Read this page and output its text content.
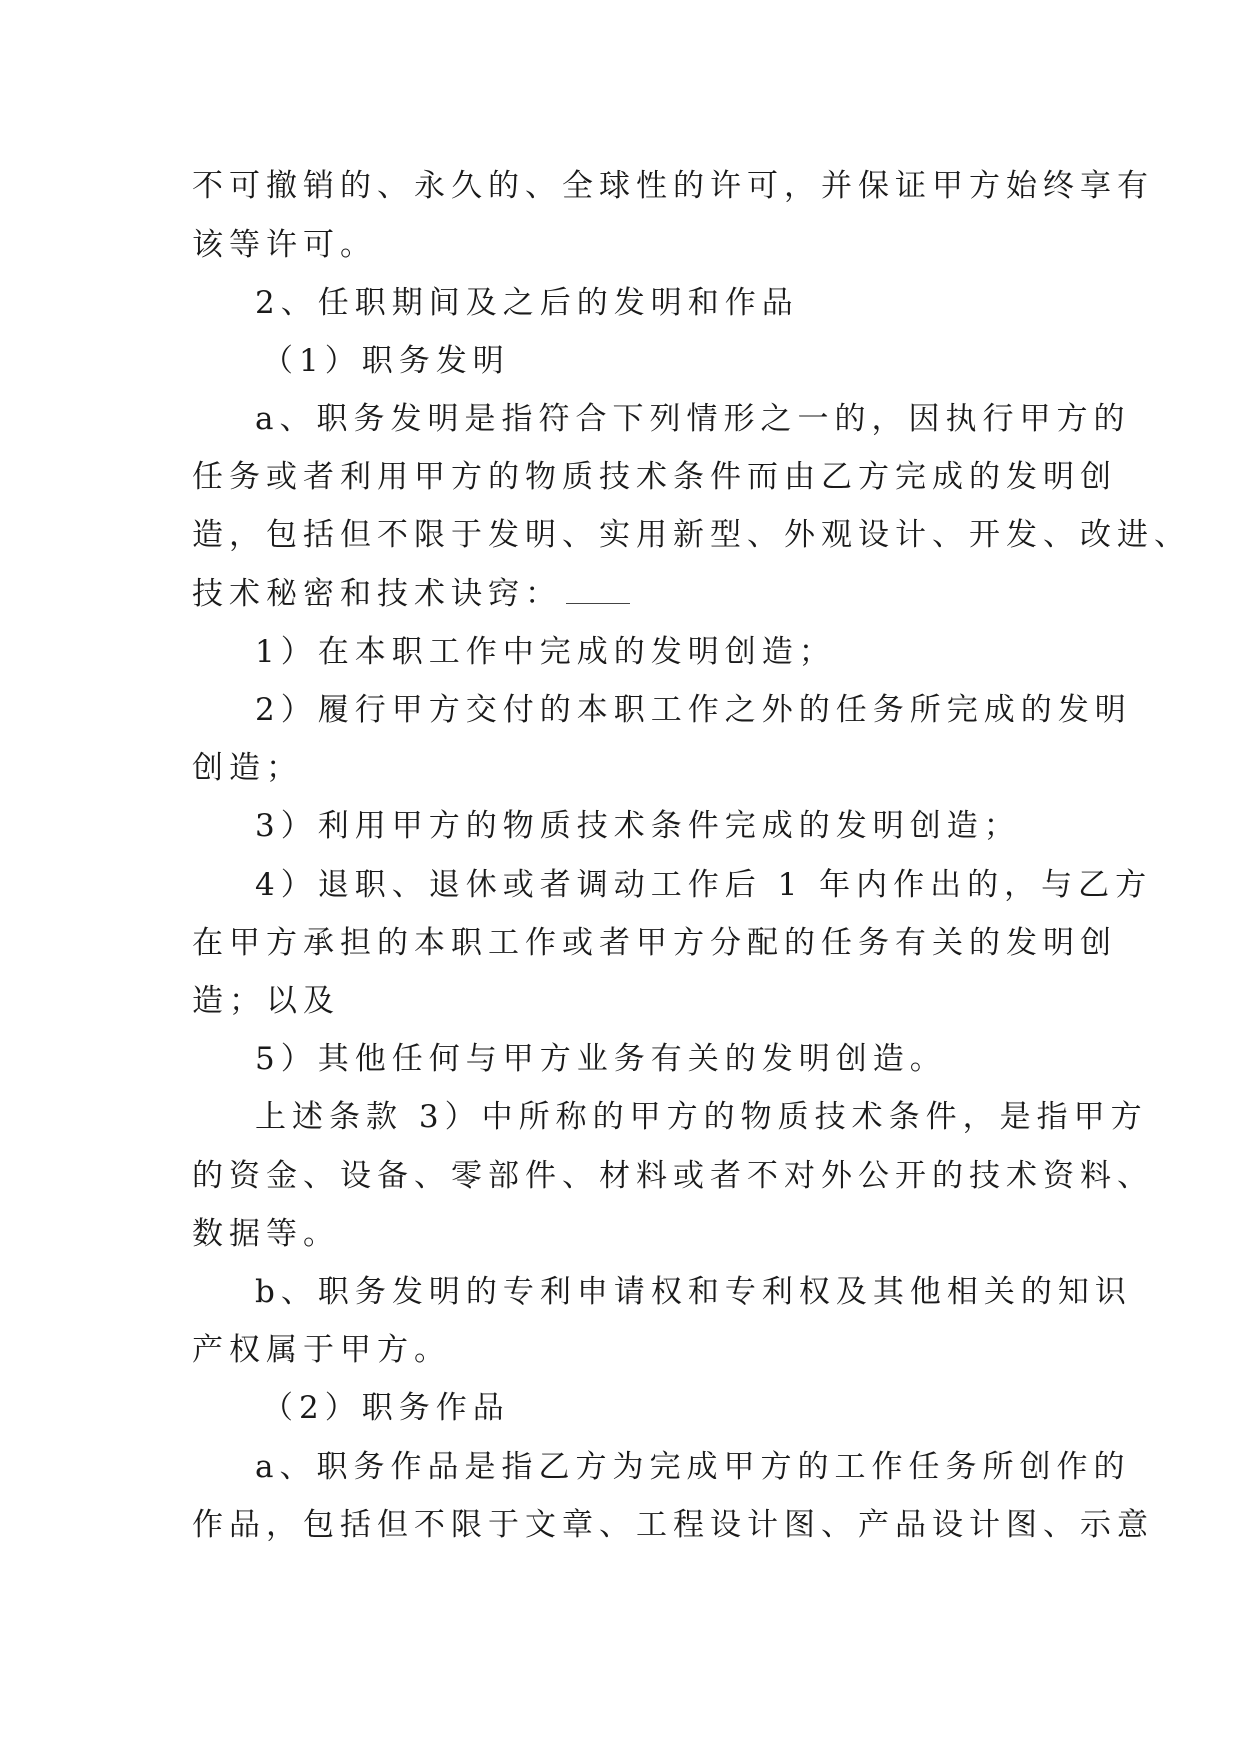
不可撤销的、永久的、全球性的许可，并保证甲方始终享有
该等许可。
2、任职期间及之后的发明和作品
（1）职务发明
a、职务发明是指符合下列情形之一的，因执行甲方的
任务或者利用甲方的物质技术条件而由乙方完成的发明创
造，包括但不限于发明、实用新型、外观设计、开发、改进、
技术秘密和技术诀窍：
1）在本职工作中完成的发明创造；
2）履行甲方交付的本职工作之外的任务所完成的发明
创造；
3）利用甲方的物质技术条件完成的发明创造；
4）退职、退休或者调动工作后 1 年内作出的，与乙方
在甲方承担的本职工作或者甲方分配的任务有关的发明创
造；以及
5）其他任何与甲方业务有关的发明创造。
上述条款 3）中所称的甲方的物质技术条件，是指甲方
的资金、设备、零部件、材料或者不对外公开的技术资料、
数据等。
b、职务发明的专利申请权和专利权及其他相关的知识
产权属于甲方。
（2）职务作品
a、职务作品是指乙方为完成甲方的工作任务所创作的
作品，包括但不限于文章、工程设计图、产品设计图、示意
